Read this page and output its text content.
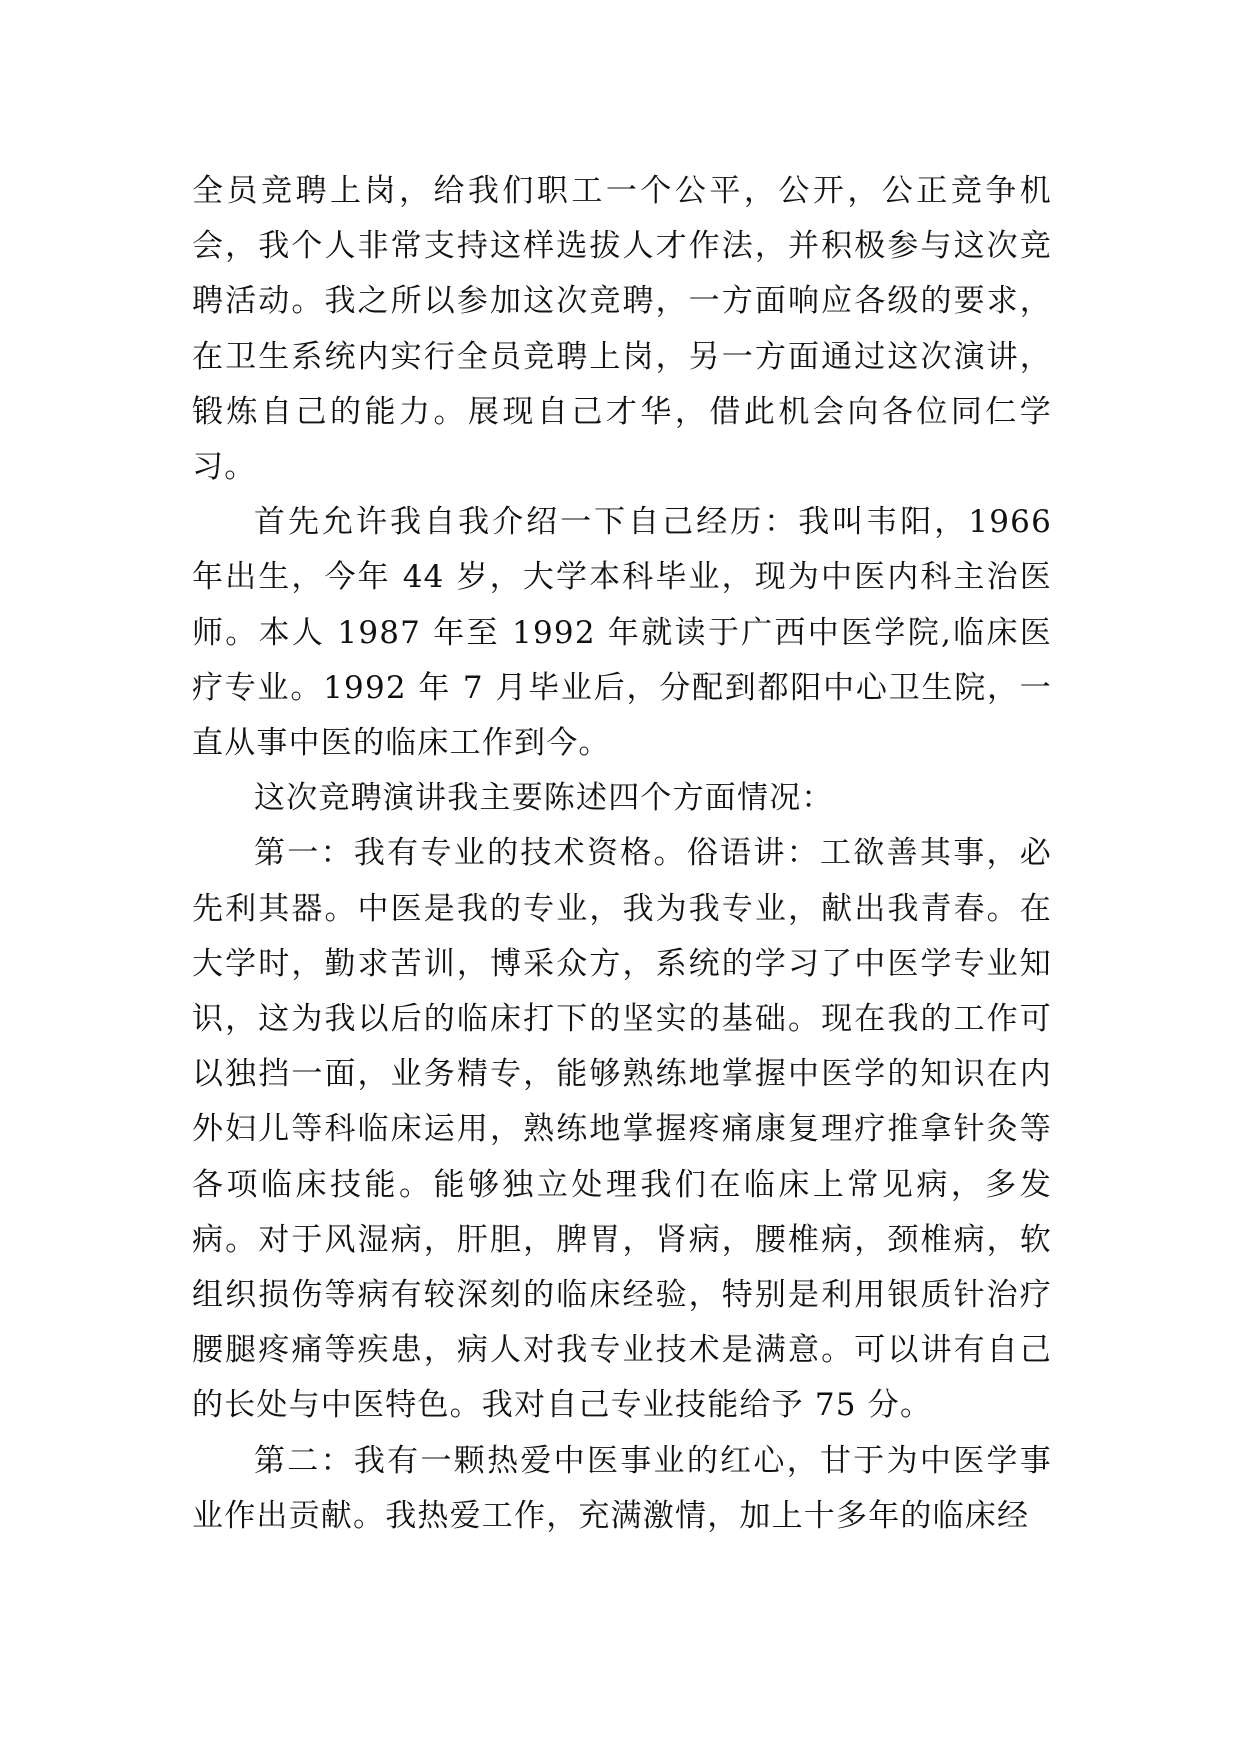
全员竞聘上岗，给我们职工一个公平，公开，公正竞争机会，我个人非常支持这样选拔人才作法，并积极参与这次竞聘活动。我之所以参加这次竞聘，一方面响应各级的要求，在卫生系统内实行全员竞聘上岗，另一方面通过这次演讲，锻炼自己的能力。展现自己才华，借此机会向各位同仁学习。

首先允许我自我介绍一下自己经历：我叫韦阳，1966 年出生，今年 44 岁，大学本科毕业，现为中医内科主治医师。本人 1987 年至 1992 年就读于广西中医学院,临床医疗专业。1992 年 7 月毕业后，分配到都阳中心卫生院，一直从事中医的临床工作到今。

这次竞聘演讲我主要陈述四个方面情况：

第一：我有专业的技术资格。俗语讲：工欲善其事，必先利其器。中医是我的专业，我为我专业，献出我青春。在大学时，勤求苦训，博采众方，系统的学习了中医学专业知识，这为我以后的临床打下的坚实的基础。现在我的工作可以独挡一面，业务精专，能够熟练地掌握中医学的知识在内外妇儿等科临床运用，熟练地掌握疼痛康复理疗推拿针灸等各项临床技能。能够独立处理我们在临床上常见病，多发病。对于风湿病，肝胆，脾胃，肾病，腰椎病，颈椎病，软组织损伤等病有较深刻的临床经验，特别是利用银质针治疗腰腿疼痛等疾患，病人对我专业技术是满意。可以讲有自己的长处与中医特色。我对自己专业技能给予 75 分。

第二：我有一颗热爱中医事业的红心，甘于为中医学事业作出贡献。我热爱工作，充满激情，加上十多年的临床经
